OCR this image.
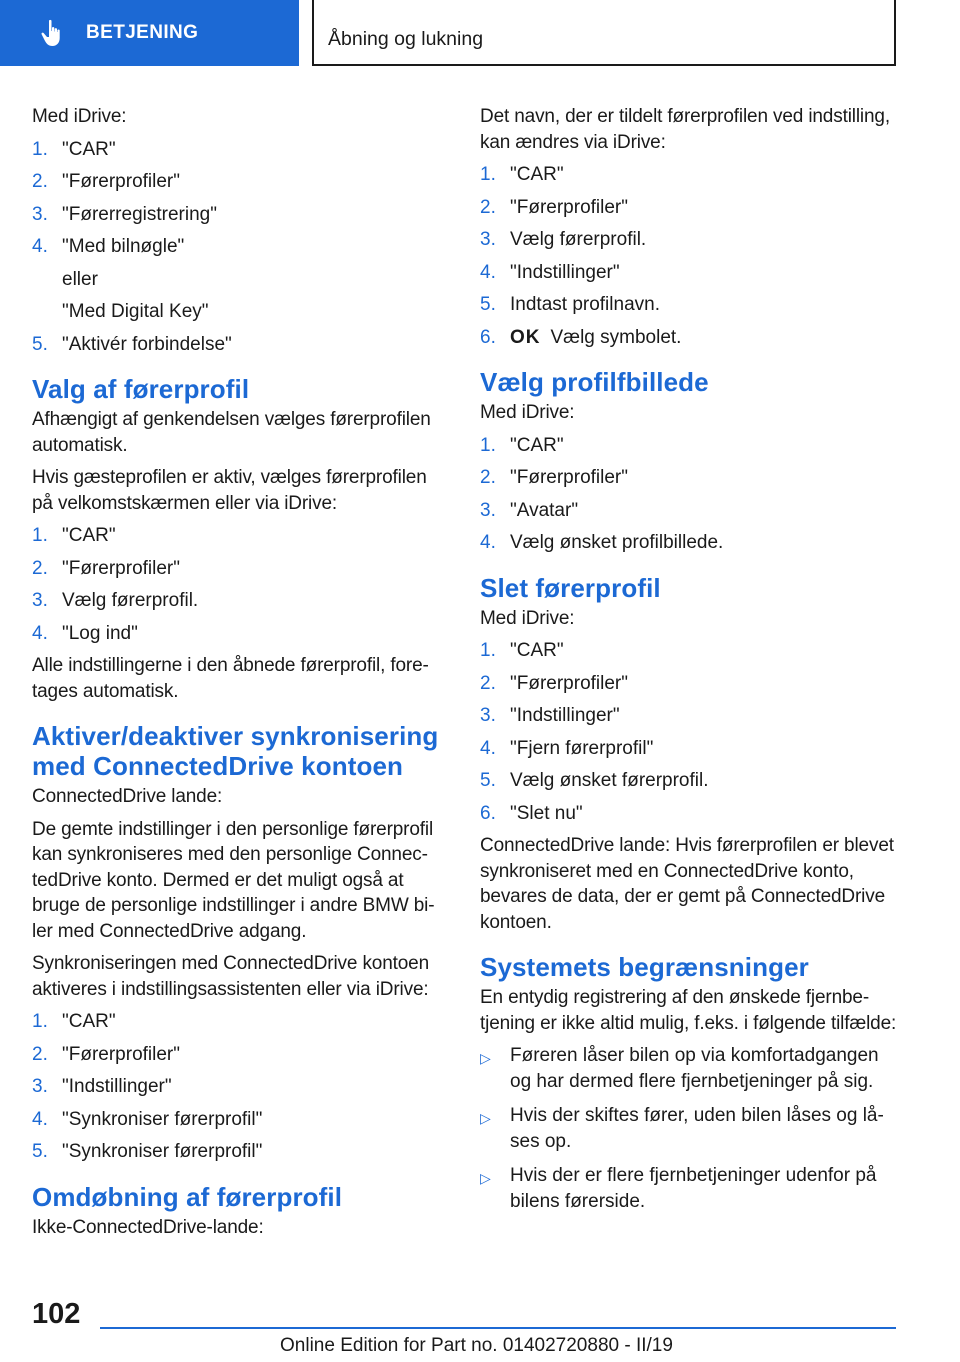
BETJENING	Åbning og lukning

Med iDrive:

1. "CAR"
2. "Førerprofiler"
3. "Førerregistrering"
4. "Med bilnøgle"
eller
"Med Digital Key"
5. "Aktivér forbindelse"
Valg af førerprofil

Afhængigt af genkendelsen vælges førerprofilen automatisk.

Hvis gæsteprofilen er aktiv, vælges førerprofilen på velkomstskærmen eller via iDrive:

1. "CAR"
2. "Førerprofiler"
3. Vælg førerprofil.
4. "Log ind"

Alle indstillingerne i den åbnede førerprofil, foretages automatisk.

Aktiver/deaktiver synkronisering med ConnectedDrive kontoen

ConnectedDrive lande:

De gemte indstillinger i den personlige førerprofil kan synkroniseres med den personlige ConnectedDrive konto. Dermed er det muligt også at bruge de personlige indstillinger i andre BMW biler med ConnectedDrive adgang.

Synkroniseringen med ConnectedDrive kontoen aktiveres i indstillingsassistenten eller via iDrive:

1. "CAR"
2. "Førerprofiler"
3. "Indstillinger"
4. "Synkroniser førerprofil"
5. "Synkroniser førerprofil"
Omdøbning af førerprofil

Ikke-ConnectedDrive-lande:

Det navn, der er tildelt førerprofilen ved indstilling, kan ændres via iDrive:

1. "CAR"
2. "Førerprofiler"
3. Vælg førerprofil.
4. "Indstillinger"
5. Indtast profilnavn.
6. OK Vælg symbolet.
Vælg profilfbillede

Med iDrive:

1. "CAR"
2. "Førerprofiler"
3. "Avatar"
4. Vælg ønsket profilbillede.
Slet førerprofil

Med iDrive:

1. "CAR"
2. "Førerprofiler"
3. "Indstillinger"
4. "Fjern førerprofil"
5. Vælg ønsket førerprofil.
6. "Slet nu"

ConnectedDrive lande: Hvis førerprofilen er blevet synkroniseret med en ConnectedDrive konto, bevares de data, der er gemt på ConnectedDrive kontoen.

Systemets begrænsninger

En entydig registrering af den ønskede fjernbetjening er ikke altid mulig, f.eks. i følgende tilfælde:

▷	Føreren låser bilen op via komfortadgangen og har dermed flere fjernbetjeninger på sig.
▷	Hvis der skiftes fører, uden bilen låses og låses op.
▷	Hvis der er flere fjernbetjeninger udenfor på bilens førerside.
102
Online Edition for Part no. 01402720880 - II/19
